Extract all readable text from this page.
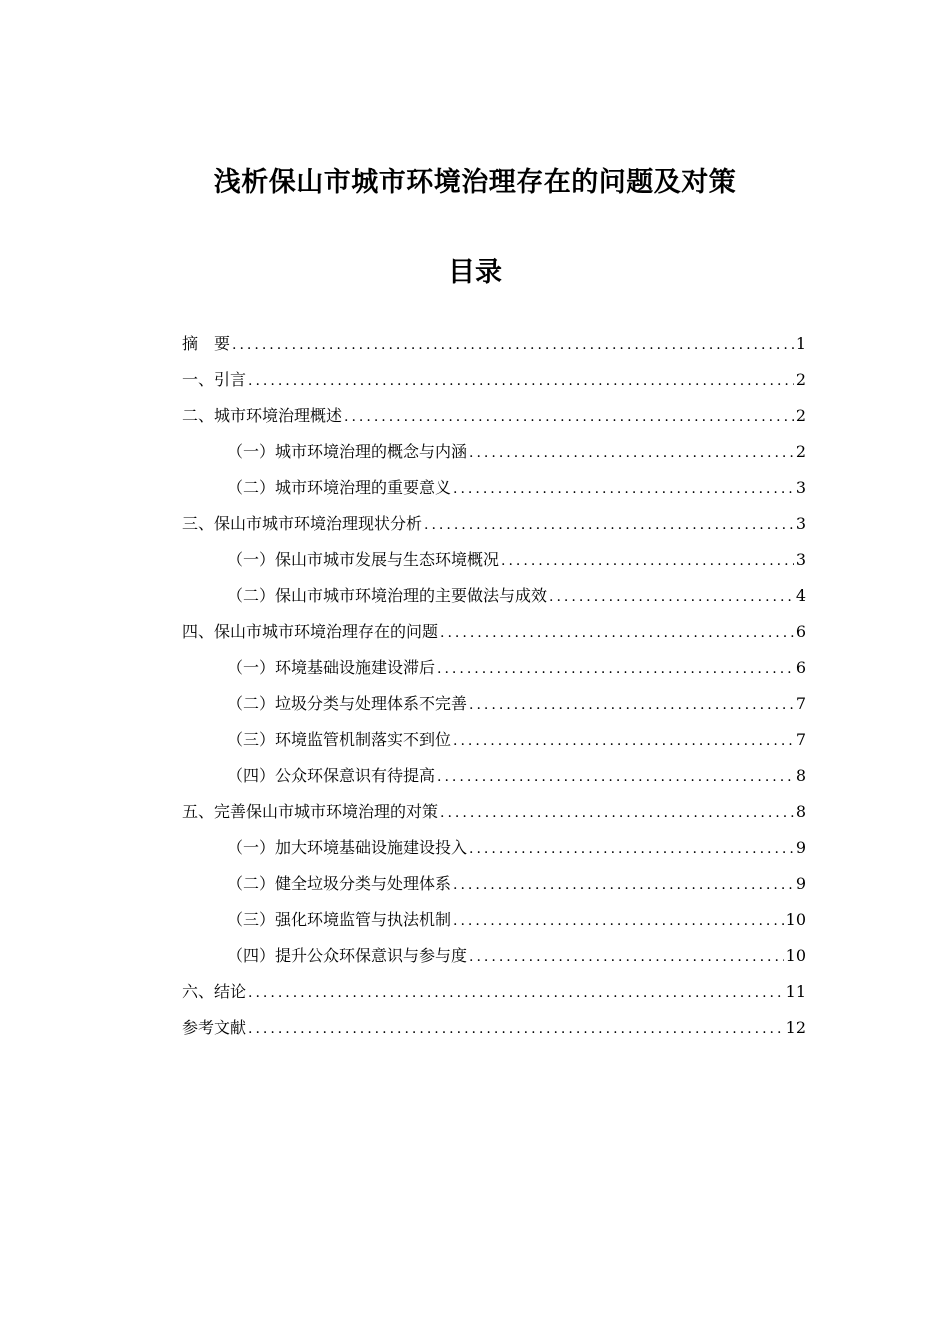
浅析保山市城市环境治理存在的问题及对策
目录
摘　要 .....	1
一、引言 .....	2
二、城市环境治理概述 .....	2
（一）城市环境治理的概念与内涵 .....	2
（二）城市环境治理的重要意义 .....	3
三、保山市城市环境治理现状分析 .....	3
（一）保山市城市发展与生态环境概况 .....	3
（二）保山市城市环境治理的主要做法与成效 .....	4
四、保山市城市环境治理存在的问题 .....	6
（一）环境基础设施建设滞后 .....	6
（二）垃圾分类与处理体系不完善 .....	7
（三）环境监管机制落实不到位 .....	7
（四）公众环保意识有待提高 .....	8
五、完善保山市城市环境治理的对策 .....	8
（一）加大环境基础设施建设投入 .....	9
（二）健全垃圾分类与处理体系 .....	9
（三）强化环境监管与执法机制 .....	10
（四）提升公众环保意识与参与度 .....	10
六、结论 .....	11
参考文献 .....	12
